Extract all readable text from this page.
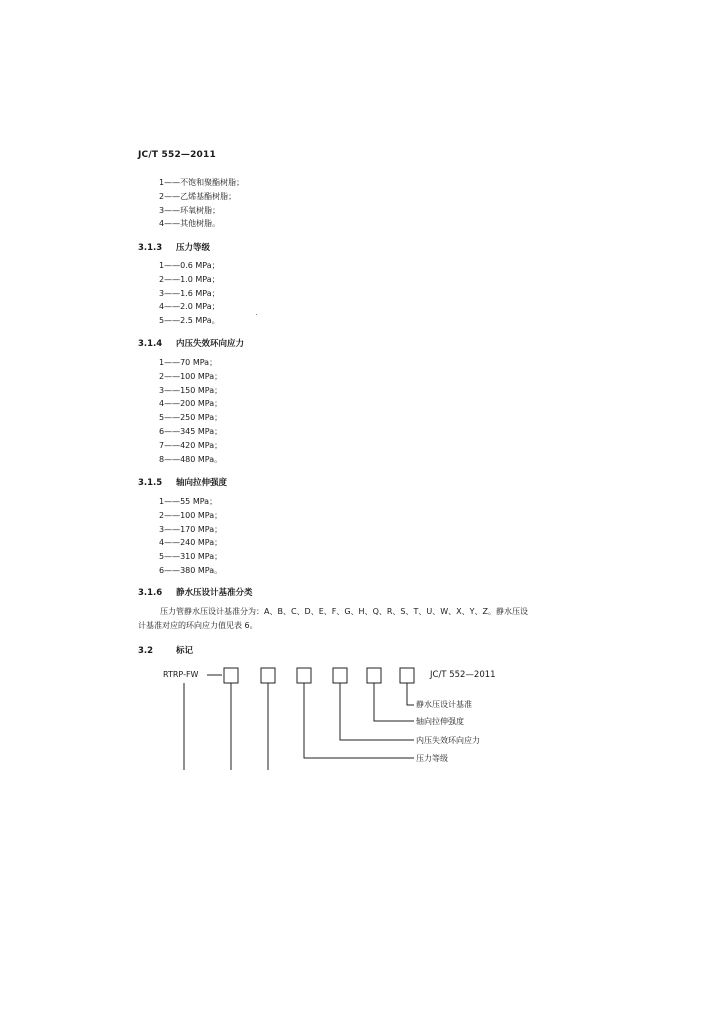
JC/T 552—2011
1——不饱和聚酯树脂；
2——乙烯基酯树脂；
3——环氧树脂；
4——其他树脂。
3.1.3 压力等级
1——0.6 MPa；
2——1.0 MPa；
3——1.6 MPa；
4——2.0 MPa；
5——2.5 MPa。
3.1.4 内压失效环向应力
1——70 MPa；
2——100 MPa；
3——150 MPa；
4——200 MPa；
5——250 MPa；
6——345 MPa；
7——420 MPa；
8——480 MPa。
3.1.5 轴向拉伸强度
1——55 MPa；
2——100 MPa；
3——170 MPa；
4——240 MPa；
5——310 MPa；
6——380 MPa。
3.1.6 静水压设计基准分类
压力管静水压设计基准分为：A、B、C、D、E、F、G、H、Q、R、S、T、U、W、X、Y、Z。静水压设
计基准对应的环向应力值见表 6。
3.2	标记
RTRP-FW	JC/T 552—2011
静水压设计基准
轴向拉伸强度
内压失效环向应力
压力等级
